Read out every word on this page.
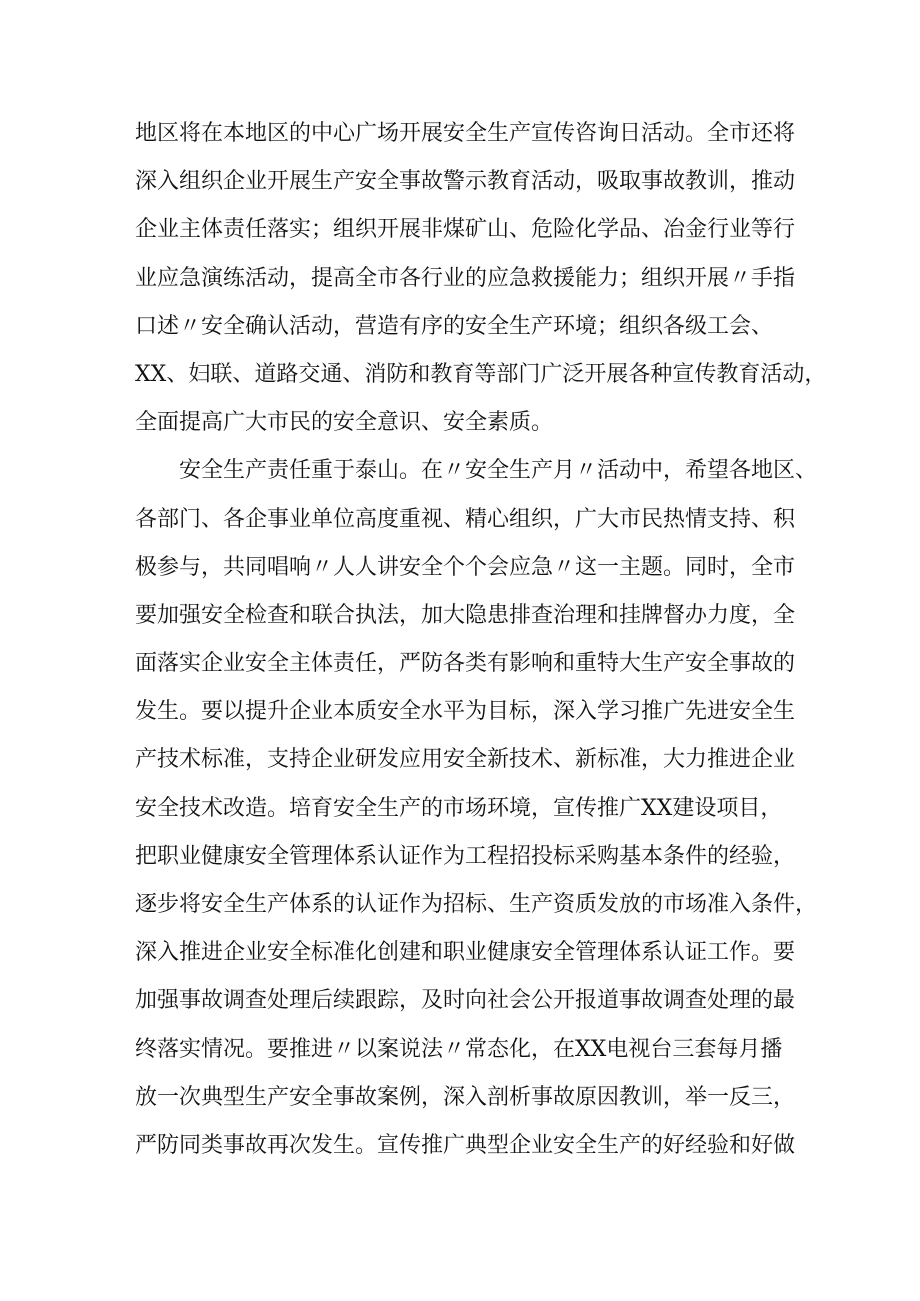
地区将在本地区的中心广场开展安全生产宣传咨询日活动。全市还将
深入组织企业开展生产安全事故警示教育活动，吸取事故教训，推动
企业主体责任落实；组织开展非煤矿山、危险化学品、冶金行业等行
业应急演练活动，提高全市各行业的应急救援能力；组织开展〃手指
口述〃安全确认活动，营造有序的安全生产环境；组织各级工会、
XX、妇联、道路交通、消防和教育等部门广泛开展各种宣传教育活动，
全面提高广大市民的安全意识、安全素质。
安全生产责任重于泰山。在〃安全生产月〃活动中，希望各地区、
各部门、各企事业单位高度重视、精心组织，广大市民热情支持、积
极参与，共同唱响〃人人讲安全个个会应急〃这一主题。同时，全市
要加强安全检查和联合执法，加大隐患排查治理和挂牌督办力度，全
面落实企业安全主体责任，严防各类有影响和重特大生产安全事故的
发生。要以提升企业本质安全水平为目标，深入学习推广先进安全生
产技术标准，支持企业研发应用安全新技术、新标准，大力推进企业
安全技术改造。培育安全生产的市场环境，宣传推广XX建设项目，
把职业健康安全管理体系认证作为工程招投标采购基本条件的经验，
逐步将安全生产体系的认证作为招标、生产资质发放的市场准入条件，
深入推进企业安全标准化创建和职业健康安全管理体系认证工作。要
加强事故调查处理后续跟踪，及时向社会公开报道事故调查处理的最
终落实情况。要推进〃以案说法〃常态化，在XX电视台三套每月播
放一次典型生产安全事故案例，深入剖析事故原因教训，举一反三，
严防同类事故再次发生。宣传推广典型企业安全生产的好经验和好做
